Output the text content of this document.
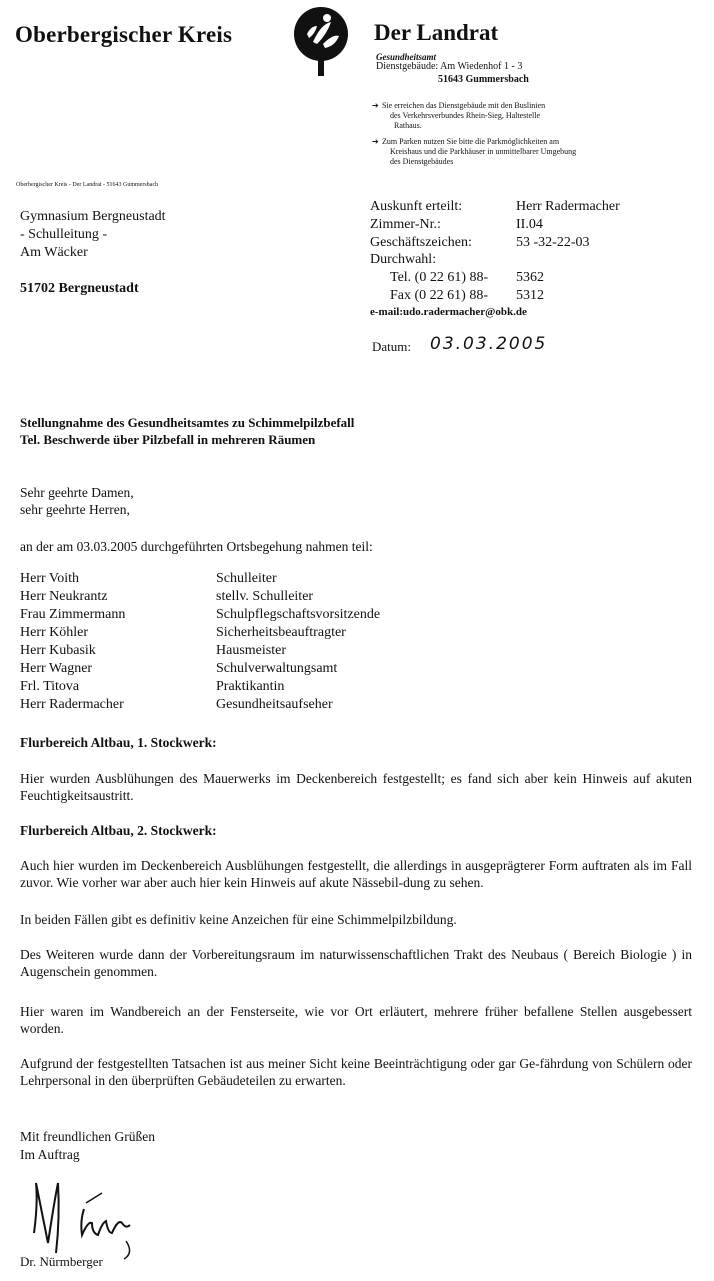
Oberbergischer Kreis	Der Landrat
Gesundheitsamt
Dienstgebäude: Am Wiedenhof 1 - 3
51643 Gummersbach
➔ Sie erreichen das Dienstgebäude mit den Buslinien
des Verkehrsverbundes Rhein-Sieg, Haltestelle
Rathaus.
➔ Zum Parken nutzen Sie bitte die Parkmöglichkeiten am
Kreishaus und die Parkhäuser in unmittelbarer Umgebung
des Dienstgebäudes
Oberbergischer Kreis - Der Landrat - 51643 Gummersbach
Gymnasium Bergneustadt
- Schulleitung -
Am Wäcker
51702 Bergneustadt
Auskunft erteilt:	Herr Radermacher
Zimmer-Nr.:	II.04
Geschäftszeichen:	53 -32-22-03
Durchwahl:
Tel. (0 22 61) 88- 5362
Fax (0 22 61) 88- 5312
e-mail:udo.radermacher@obk.de
Datum: 03.03.2005
Stellungnahme des Gesundheitsamtes zu Schimmelpilzbefall
Tel. Beschwerde über Pilzbefall in mehreren Räumen
Sehr geehrte Damen,
sehr geehrte Herren,
an der am 03.03.2005 durchgeführten Ortsbegehung nahmen teil:
Herr Voith	Schulleiter
Herr Neukrantz	stellv. Schulleiter
Frau Zimmermann	Schulpflegschaftsvorsitzende
Herr Köhler	Sicherheitsbeauftragter
Herr Kubasik	Hausmeister
Herr Wagner	Schulverwaltungsamt
Frl. Titova	Praktikantin
Herr Radermacher	Gesundheitsaufseher
Flurbereich Altbau, 1. Stockwerk:
Hier wurden Ausblühungen des Mauerwerks im Deckenbereich festgestellt; es fand sich aber kein Hinweis auf akuten Feuchtigkeitsaustritt.
Flurbereich Altbau, 2. Stockwerk:
Auch hier wurden im Deckenbereich Ausblühungen festgestellt, die allerdings in ausgeprägterer Form auftraten als im Fall zuvor. Wie vorher war aber auch hier kein Hinweis auf akute Nässebil-dung zu sehen.
In beiden Fällen gibt es definitiv keine Anzeichen für eine Schimmelpilzbildung.
Des Weiteren wurde dann der Vorbereitungsraum im naturwissenschaftlichen Trakt des Neubaus ( Bereich Biologie ) in Augenschein genommen.
Hier waren im Wandbereich an der Fensterseite, wie vor Ort erläutert, mehrere früher befallene Stellen ausgebessert worden.
Aufgrund der festgestellten Tatsachen ist aus meiner Sicht keine Beeinträchtigung oder gar Ge-fährdung von Schülern oder Lehrpersonal in den überprüften Gebäudeteilen zu erwarten.
Mit freundlichen Grüßen
Im Auftrag
Dr. Nürmberger
